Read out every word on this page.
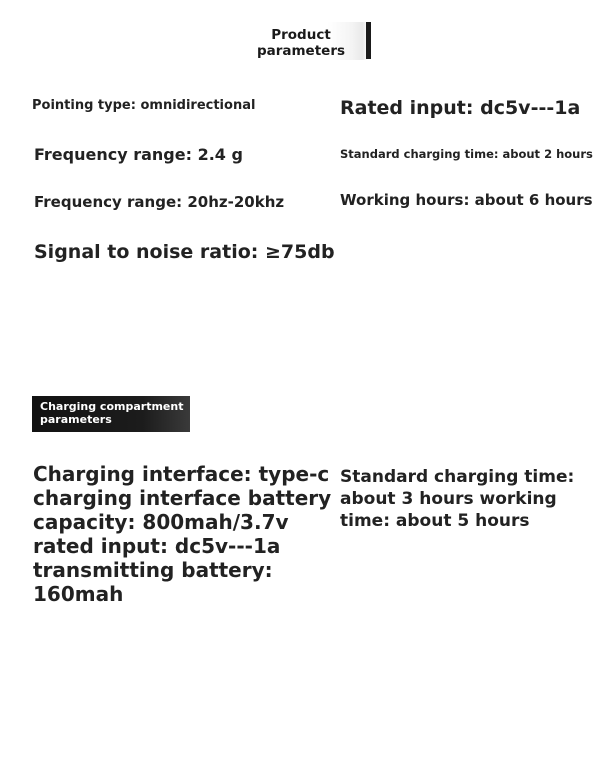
Product parameters
Pointing type: omnidirectional
Frequency range: 2.4 g
Frequency range: 20hz-20khz
Signal to noise ratio: ≥75db
Rated input: dc5v---1a
Standard charging time: about 2 hours
Working hours: about 6 hours
Charging compartment parameters
Charging interface: type-c charging interface battery capacity: 800mah/3.7v rated input: dc5v---1a transmitting battery: 160mah
Standard charging time: about 3 hours working time: about 5 hours
